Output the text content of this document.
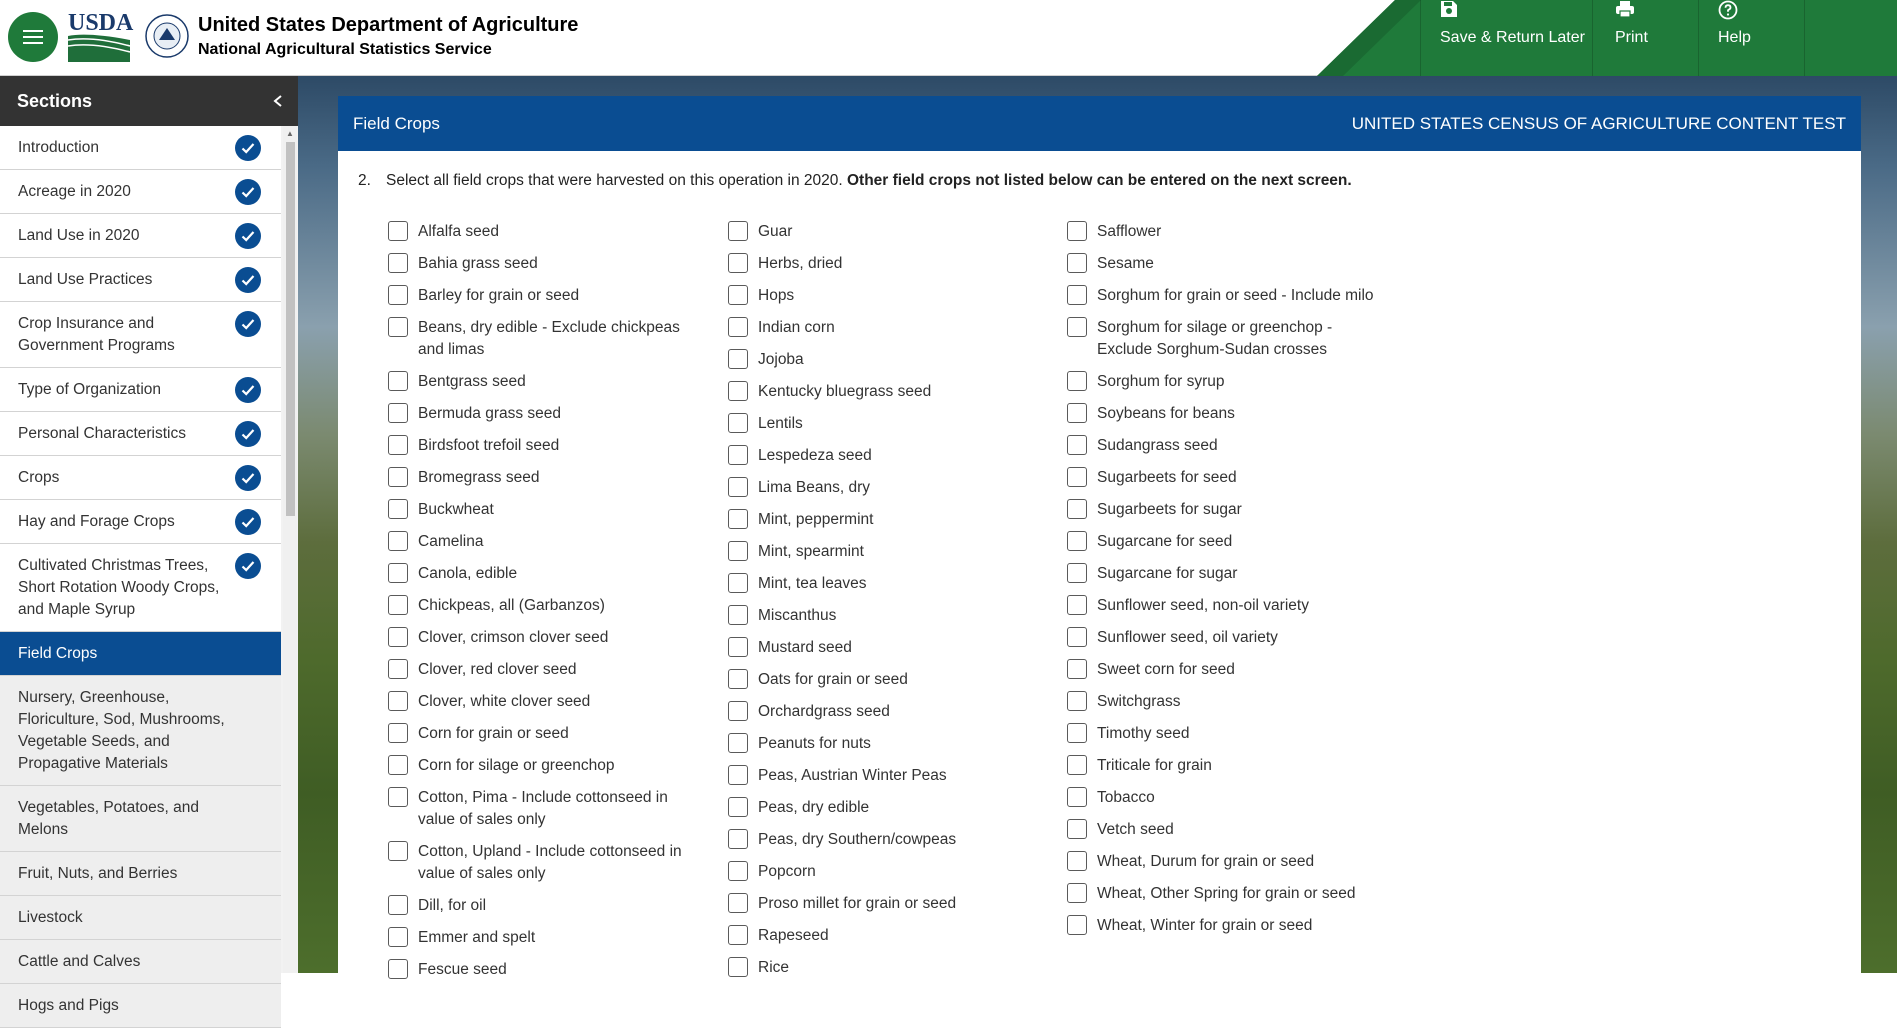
USDA	United States Department of Agriculture
National Agricultural Statistics Service
Save & Return Later Print	Help
Sections
Introduction
Acreage in 2020
Land Use in 2020
Land Use Practices
Crop Insurance and Government Programs
Type of Organization
Personal Characteristics
Crops
Hay and Forage Crops
Cultivated Christmas Trees, Short Rotation Woody Crops, and Maple Syrup
Field Crops
Nursery, Greenhouse, Floriculture, Sod, Mushrooms, Vegetable Seeds, and Propagative Materials
Vegetables, Potatoes, and Melons
Fruit, Nuts, and Berries
Livestock
Cattle and Calves
Hogs and Pigs
▲
Field Crops	UNITED STATES CENSUS OF AGRICULTURE CONTENT TEST
2. Select all field crops that were harvested on this operation in 2020. Other field crops not listed below can be entered on the next screen.
Alfalfa seed
Bahia grass seed
Barley for grain or seed
Beans, dry edible - Exclude chickpeas and limas
Bentgrass seed
Bermuda grass seed
Birdsfoot trefoil seed
Bromegrass seed
Buckwheat
Camelina
Canola, edible
Chickpeas, all (Garbanzos)
Clover, crimson clover seed
Clover, red clover seed
Clover, white clover seed
Corn for grain or seed
Corn for silage or greenchop
Cotton, Pima - Include cottonseed in value of sales only
Cotton, Upland - Include cottonseed in value of sales only
Dill, for oil
Emmer and spelt
Fescue seed
Guar
Herbs, dried
Hops
Indian corn
Jojoba
Kentucky bluegrass seed
Lentils
Lespedeza seed
Lima Beans, dry
Mint, peppermint
Mint, spearmint
Mint, tea leaves
Miscanthus
Mustard seed
Oats for grain or seed
Orchardgrass seed
Peanuts for nuts
Peas, Austrian Winter Peas
Peas, dry edible
Peas, dry Southern/cowpeas
Popcorn
Proso millet for grain or seed
Rapeseed
Rice
Safflower
Sesame
Sorghum for grain or seed - Include milo
Sorghum for silage or greenchop - Exclude Sorghum-Sudan crosses
Sorghum for syrup
Soybeans for beans
Sudangrass seed
Sugarbeets for seed
Sugarbeets for sugar
Sugarcane for seed
Sugarcane for sugar
Sunflower seed, non-oil variety
Sunflower seed, oil variety
Sweet corn for seed
Switchgrass
Timothy seed
Triticale for grain
Tobacco
Vetch seed
Wheat, Durum for grain or seed
Wheat, Other Spring for grain or seed
Wheat, Winter for grain or seed
